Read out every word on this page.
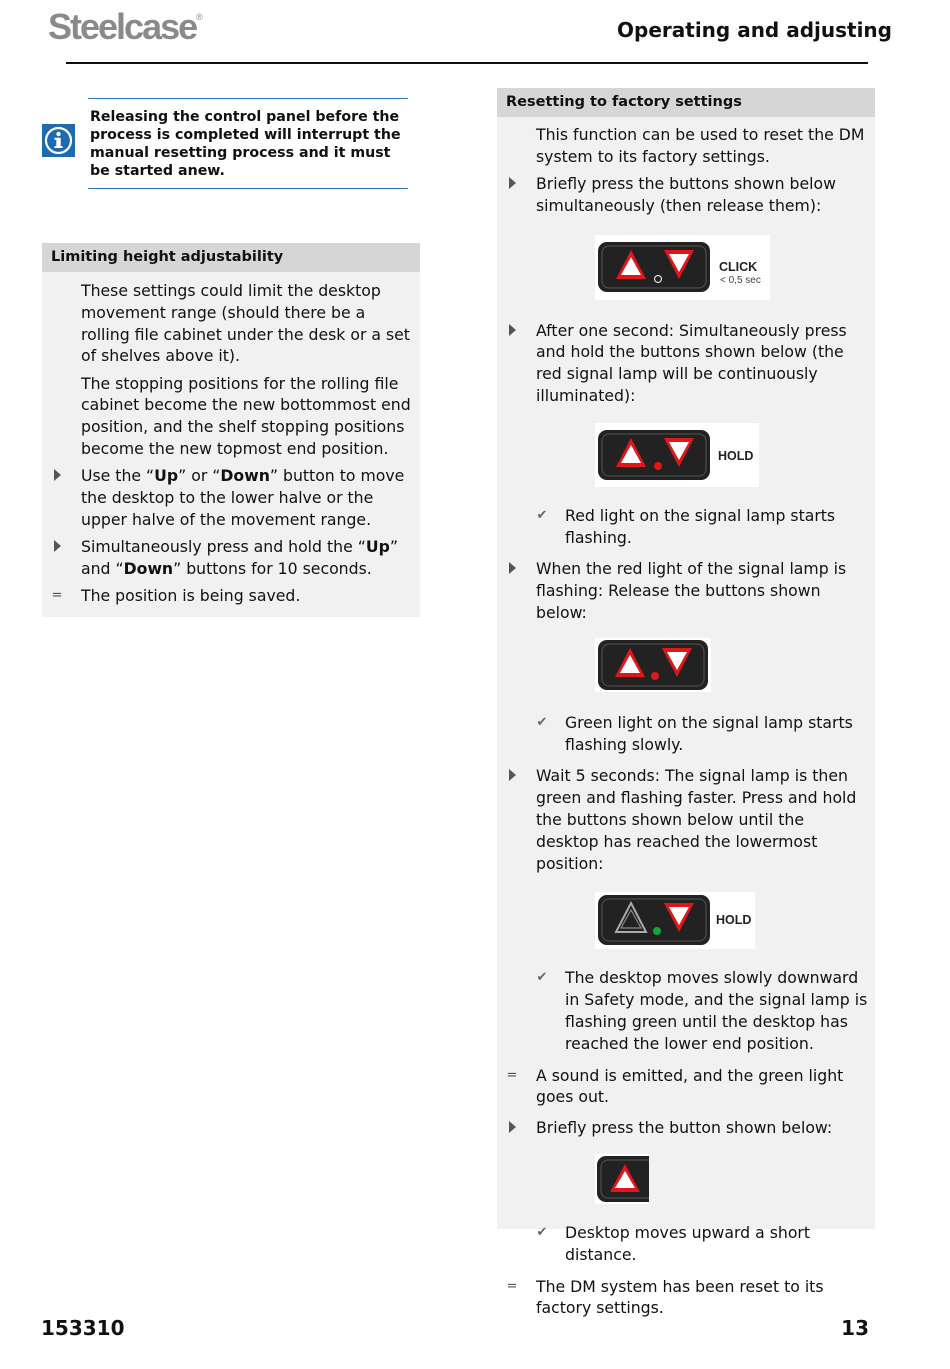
Steelcase®
Operating and adjusting
Releasing the control panel before the process is completed will interrupt the manual resetting process and it must be started anew.
Limiting height adjustability
These settings could limit the desktop movement range (should there be a rolling file cabinet under the desk or a set of shelves above it).
The stopping positions for the rolling file cabinet become the new bottommost end position, and the shelf stopping positions become the new topmost end position.
Use the “Up” or “Down” button to move the desktop to the lower halve or the upper halve of the movement range.
Simultaneously press and hold the “Up” and “Down” buttons for 10 seconds.
= The position is being saved.
Resetting to factory settings
This function can be used to reset the DM system to its factory settings.
Briefly press the buttons shown below simultaneously (then release them):
CLICK
< 0,5 sec
After one second: Simultaneously press and hold the buttons shown below (the red signal lamp will be continuously illuminated):
HOLD
✔ Red light on the signal lamp starts flashing.
When the red light of the signal lamp is flashing: Release the buttons shown below:
✔ Green light on the signal lamp starts flashing slowly.
Wait 5 seconds: The signal lamp is then green and flashing faster. Press and hold the buttons shown below until the desktop has reached the lowermost position:
HOLD
✔ The desktop moves slowly downward in Safety mode, and the signal lamp is flashing green until the desktop has reached the lower end position.
= A sound is emitted, and the green light goes out.
Briefly press the button shown below:
✔ Desktop moves upward a short distance.
= The DM system has been reset to its factory settings.
153310	13
